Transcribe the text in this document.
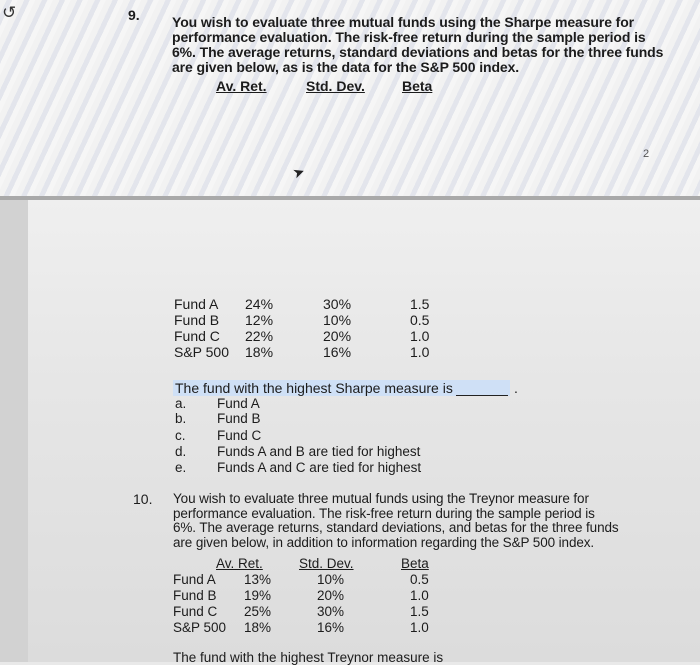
↺	9. You wish to evaluate three mutual funds using the Sharpe measure for
performance evaluation. The risk-free return during the sample period is
6%. The average returns, standard deviations and betas for the three funds
are given below, as is the data for the S&P 500 index.
Av. Ret.	Std. Dev.	Beta
2
➤
Fund A 24%	30%	1.5
Fund B 12%	10%	0.5
Fund C 22%	20%	1.0
S&P 500 18%	16%	1.0
The fund with the highest Sharpe measure is	.
a. Fund A
b. Fund B
c. Fund C
d. Funds A and B are tied for highest
e. Funds A and C are tied for highest
10. You wish to evaluate three mutual funds using the Treynor measure for
performance evaluation. The risk-free return during the sample period is
6%. The average returns, standard deviations, and betas for the three funds
are given below, in addition to information regarding the S&P 500 index.
Av. Ret.	Std. Dev.	Beta
Fund A 13%	10%	0.5
Fund B 19%	20%	1.0
Fund C 25%	30%	1.5
S&P 500 18%	16%	1.0
The fund with the highest Treynor measure is
